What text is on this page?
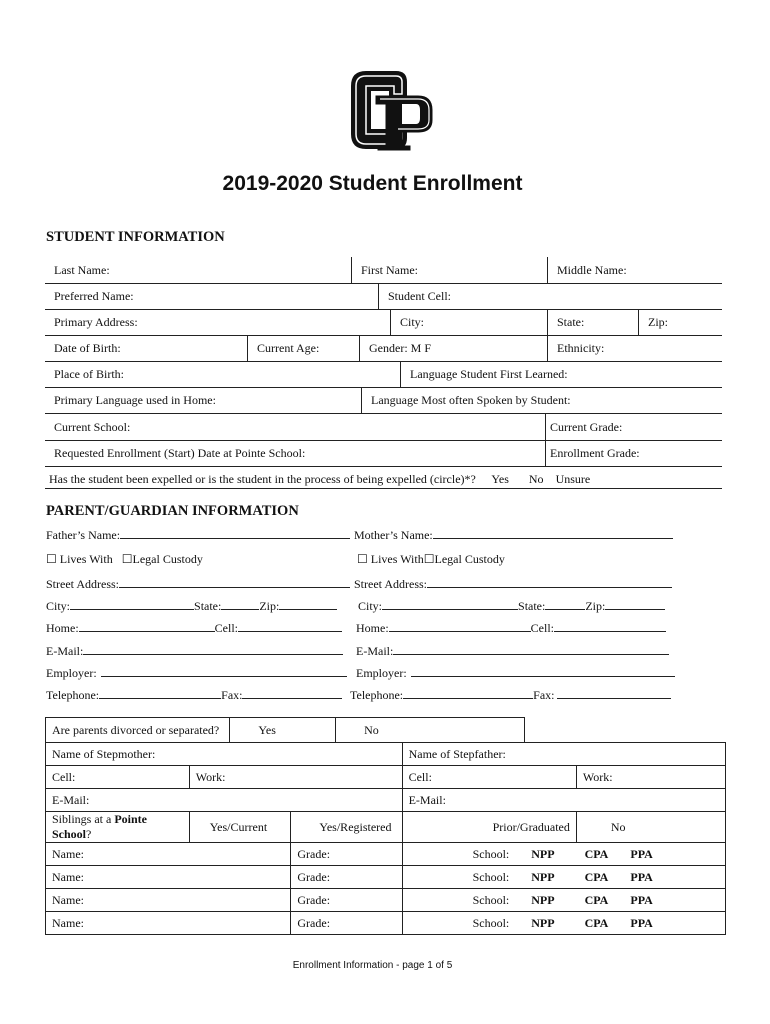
2019-2020 Student Enrollment
STUDENT INFORMATION
Last Name:	First Name:	Middle Name:
Preferred Name:	Student Cell:
Primary Address:	City:	State:	Zip:
Date of Birth:	Current Age:	Gender: M F	Ethnicity:
Place of Birth:	Language Student First Learned:
Primary Language used in Home:	Language Most often Spoken by Student:
Current School:	Current Grade:
Requested Enrollment (Start) Date at Pointe School:	Enrollment Grade:
Has the student been expelled or is the student in the process of being expelled (circle)*? Yes No Unsure
PARENT/GUARDIAN INFORMATION
Father’s Name:	Mother’s Name:
☐ Lives With ☐Legal Custody	☐ Lives With☐Legal Custody
Street Address:	Street Address:
City:	State:	Zip:	City:	State:	Zip:
Home:	Cell:	Home:	Cell:
E-Mail:	E-Mail:
Employer:	Employer:
Telephone:	Fax:	Telephone:	Fax:
Are parents divorced or separated?		Yes		No			
Name of Stepmother:					Name of Stepfather:		
Cell:	Work:				Cell:		Work:
E-Mail:					E-Mail:		
Siblings at a Pointe School?	Yes/Current		Yes/Registered		Prior/Graduated		No
Name:			Grade:		School: NPP CPA PPA		
Name:			Grade:		School: NPP CPA PPA		
Name:			Grade:		School: NPP CPA PPA		
Name:			Grade:		School: NPP CPA PPA		
Enrollment Information - page 1 of 5
